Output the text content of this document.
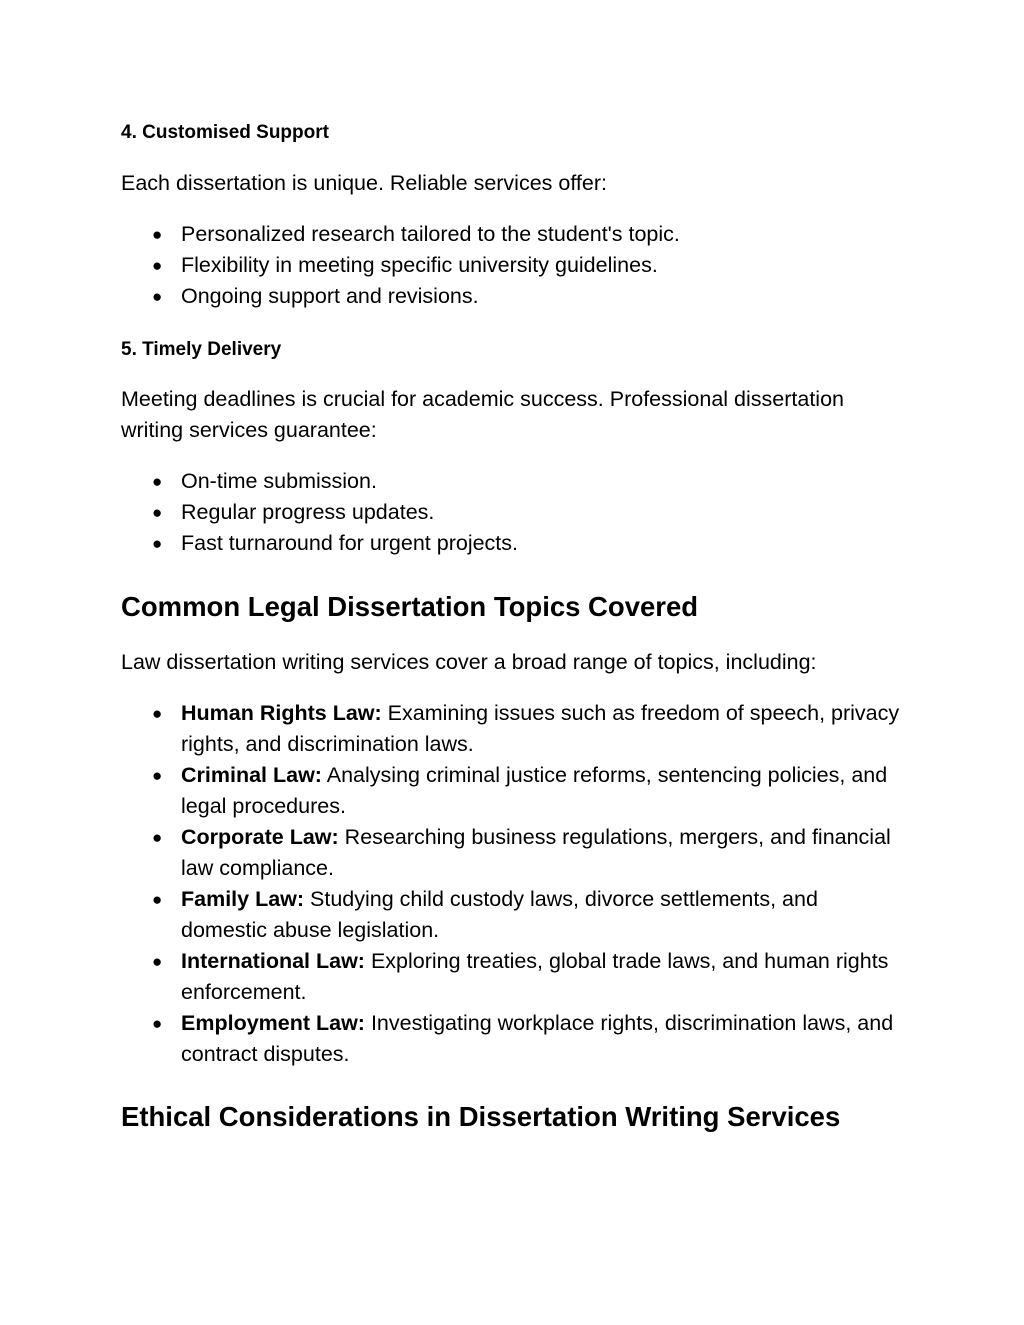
4. Customised Support

Each dissertation is unique. Reliable services offer:

● Personalized research tailored to the student's topic.
● Flexibility in meeting specific university guidelines.
● Ongoing support and revisions.
5. Timely Delivery

Meeting deadlines is crucial for academic success. Professional dissertation writing services guarantee:

● On-time submission.
● Regular progress updates.
● Fast turnaround for urgent projects.
Common Legal Dissertation Topics Covered

Law dissertation writing services cover a broad range of topics, including:

● Human Rights Law: Examining issues such as freedom of speech, privacy rights, and discrimination laws.
● Criminal Law: Analysing criminal justice reforms, sentencing policies, and legal procedures.
● Corporate Law: Researching business regulations, mergers, and financial law compliance.
● Family Law: Studying child custody laws, divorce settlements, and domestic abuse legislation.
● International Law: Exploring treaties, global trade laws, and human rights enforcement.
● Employment Law: Investigating workplace rights, discrimination laws, and contract disputes.
Ethical Considerations in Dissertation Writing Services
